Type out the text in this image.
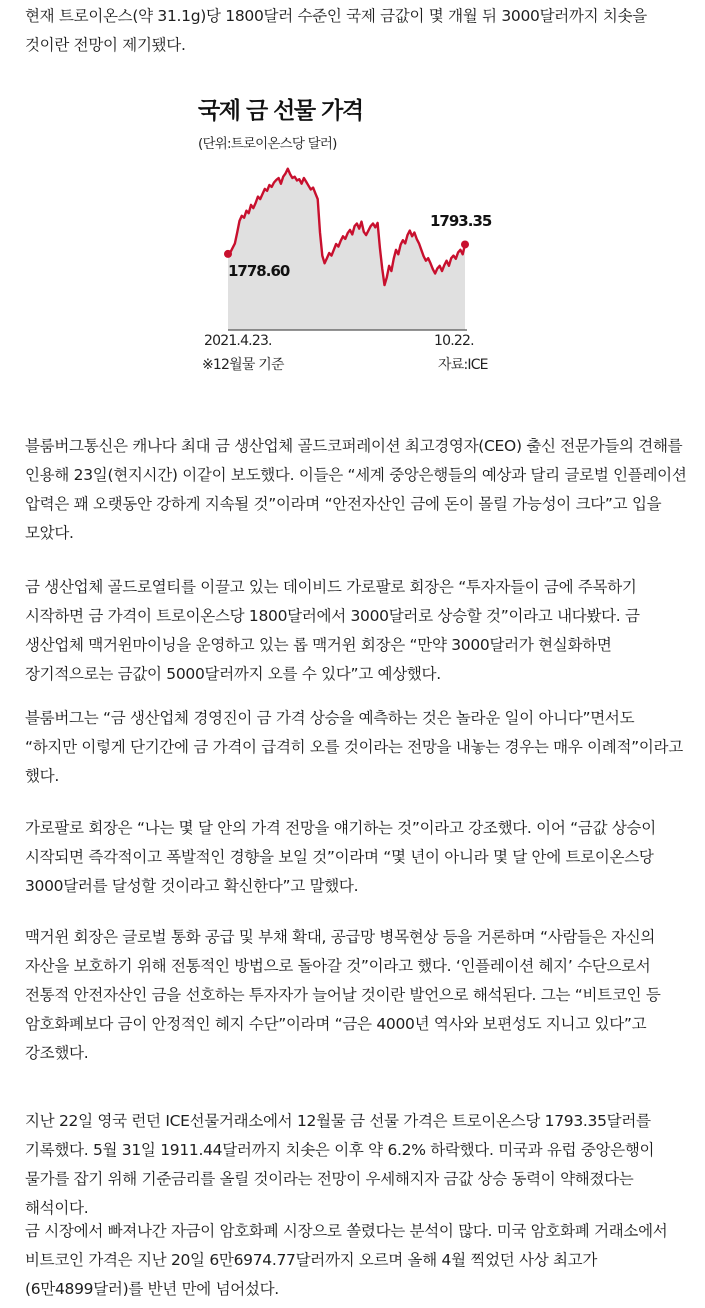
현재 트로이온스(약 31.1g)당 1800달러 수준인 국제 금값이 몇 개월 뒤 3000달러까지 치솟을 것이란 전망이 제기됐다.

국제 금 선물 가격
(단위:트로이온스당 달러)
1778.60
1793.35
2021.4.23.	10.22.
※12월물 기준	자료:ICE

블룸버그통신은 캐나다 최대 금 생산업체 골드코퍼레이션 최고경영자(CEO) 출신 전문가들의 견해를 인용해 23일(현지시간) 이같이 보도했다. 이들은 “세계 중앙은행들의 예상과 달리 글로벌 인플레이션 압력은 꽤 오랫동안 강하게 지속될 것”이라며 “안전자산인 금에 돈이 몰릴 가능성이 크다”고 입을 모았다.

금 생산업체 골드로열티를 이끌고 있는 데이비드 가로팔로 회장은 “투자자들이 금에 주목하기 시작하면 금 가격이 트로이온스당 1800달러에서 3000달러로 상승할 것”이라고 내다봤다. 금 생산업체 맥거윈마이닝을 운영하고 있는 롭 맥거윈 회장은 “만약 3000달러가 현실화하면 장기적으로는 금값이 5000달러까지 오를 수 있다”고 예상했다.

블룸버그는 “금 생산업체 경영진이 금 가격 상승을 예측하는 것은 놀라운 일이 아니다”면서도 “하지만 이렇게 단기간에 금 가격이 급격히 오를 것이라는 전망을 내놓는 경우는 매우 이례적”이라고 했다.

가로팔로 회장은 “나는 몇 달 안의 가격 전망을 얘기하는 것”이라고 강조했다. 이어 “금값 상승이 시작되면 즉각적이고 폭발적인 경향을 보일 것”이라며 “몇 년이 아니라 몇 달 안에 트로이온스당 3000달러를 달성할 것이라고 확신한다”고 말했다.

맥거윈 회장은 글로벌 통화 공급 및 부채 확대, 공급망 병목현상 등을 거론하며 “사람들은 자신의 자산을 보호하기 위해 전통적인 방법으로 돌아갈 것”이라고 했다. ‘인플레이션 헤지’ 수단으로서 전통적 안전자산인 금을 선호하는 투자자가 늘어날 것이란 발언으로 해석된다. 그는 “비트코인 등 암호화폐보다 금이 안정적인 헤지 수단”이라며 “금은 4000년 역사와 보편성도 지니고 있다”고 강조했다.

지난 22일 영국 런던 ICE선물거래소에서 12월물 금 선물 가격은 트로이온스당 1793.35달러를 기록했다. 5월 31일 1911.44달러까지 치솟은 이후 약 6.2% 하락했다. 미국과 유럽 중앙은행이 물가를 잡기 위해 기준금리를 올릴 것이라는 전망이 우세해지자 금값 상승 동력이 약해졌다는 해석이다.

금 시장에서 빠져나간 자금이 암호화폐 시장으로 쏠렸다는 분석이 많다. 미국 암호화폐 거래소에서 비트코인 가격은 지난 20일 6만6974.77달러까지 오르며 올해 4월 찍었던 사상 최고가(6만4899달러)를 반년 만에 넘어섰다.
